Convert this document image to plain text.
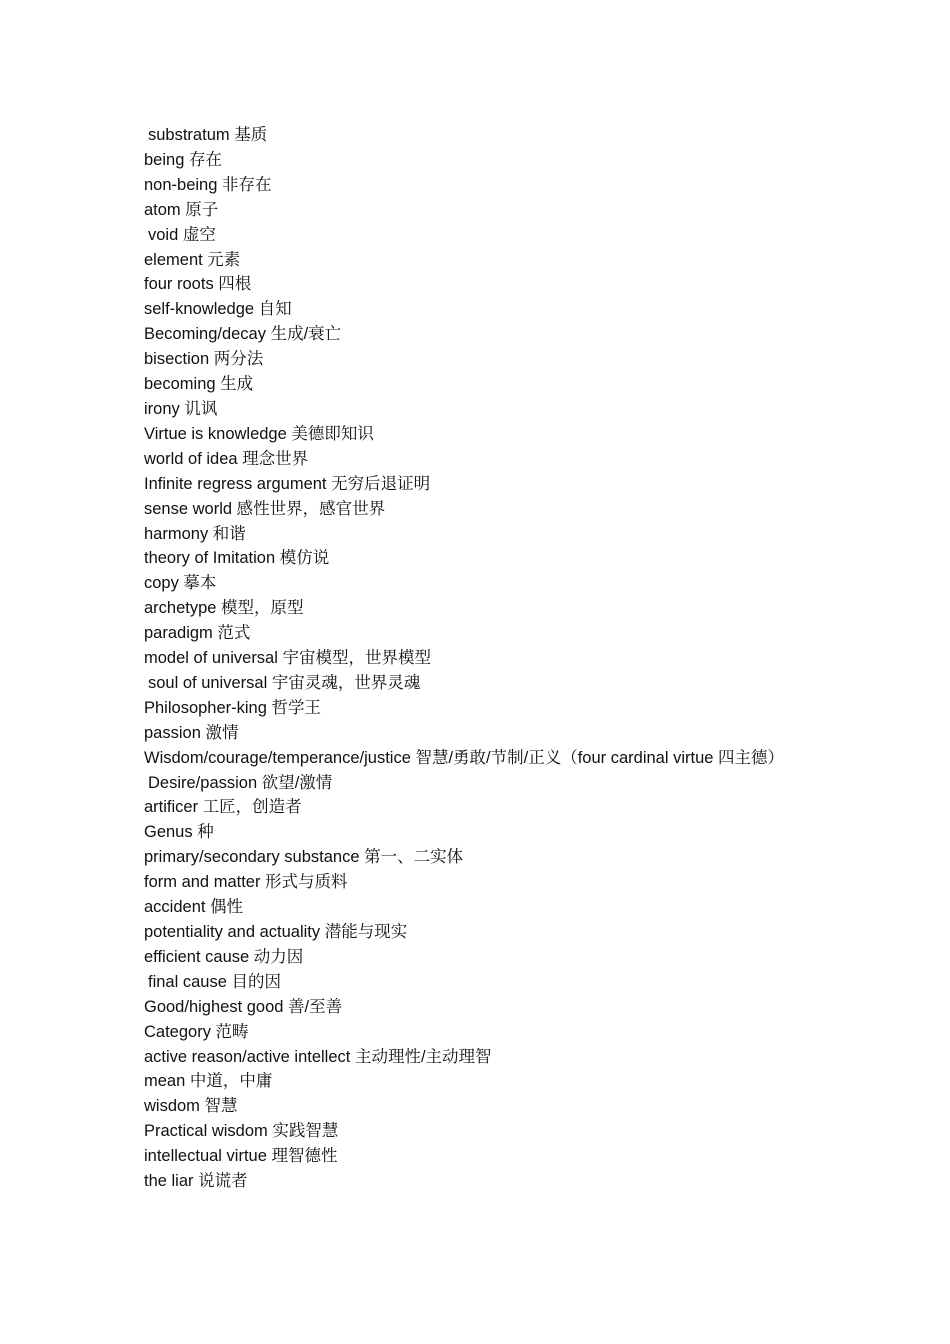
substratum 基质
being 存在
non-being 非存在
atom 原子
void 虚空
element 元素
four roots 四根
self-knowledge 自知
Becoming/decay 生成/衰亡
bisection 两分法
becoming 生成
irony 讥讽
Virtue is knowledge 美德即知识
world of idea 理念世界
Infinite regress argument 无穷后退证明
sense world 感性世界，感官世界
harmony 和谐
theory of Imitation 模仿说
copy 摹本
archetype 模型，原型
paradigm 范式
model of universal 宇宙模型，世界模型
soul of universal 宇宙灵魂，世界灵魂
Philosopher-king 哲学王
passion 激情
Wisdom/courage/temperance/justice 智慧/勇敢/节制/正义（four cardinal virtue 四主德）
Desire/passion 欲望/激情
artificer 工匠，创造者
Genus 种
primary/secondary substance 第一、二实体
form and matter 形式与质料
accident 偶性
potentiality and actuality 潜能与现实
efficient cause 动力因
final cause 目的因
Good/highest good 善/至善
Category 范畴
active reason/active intellect 主动理性/主动理智
mean 中道，中庸
wisdom 智慧
Practical wisdom 实践智慧
intellectual virtue 理智德性
the liar 说谎者
